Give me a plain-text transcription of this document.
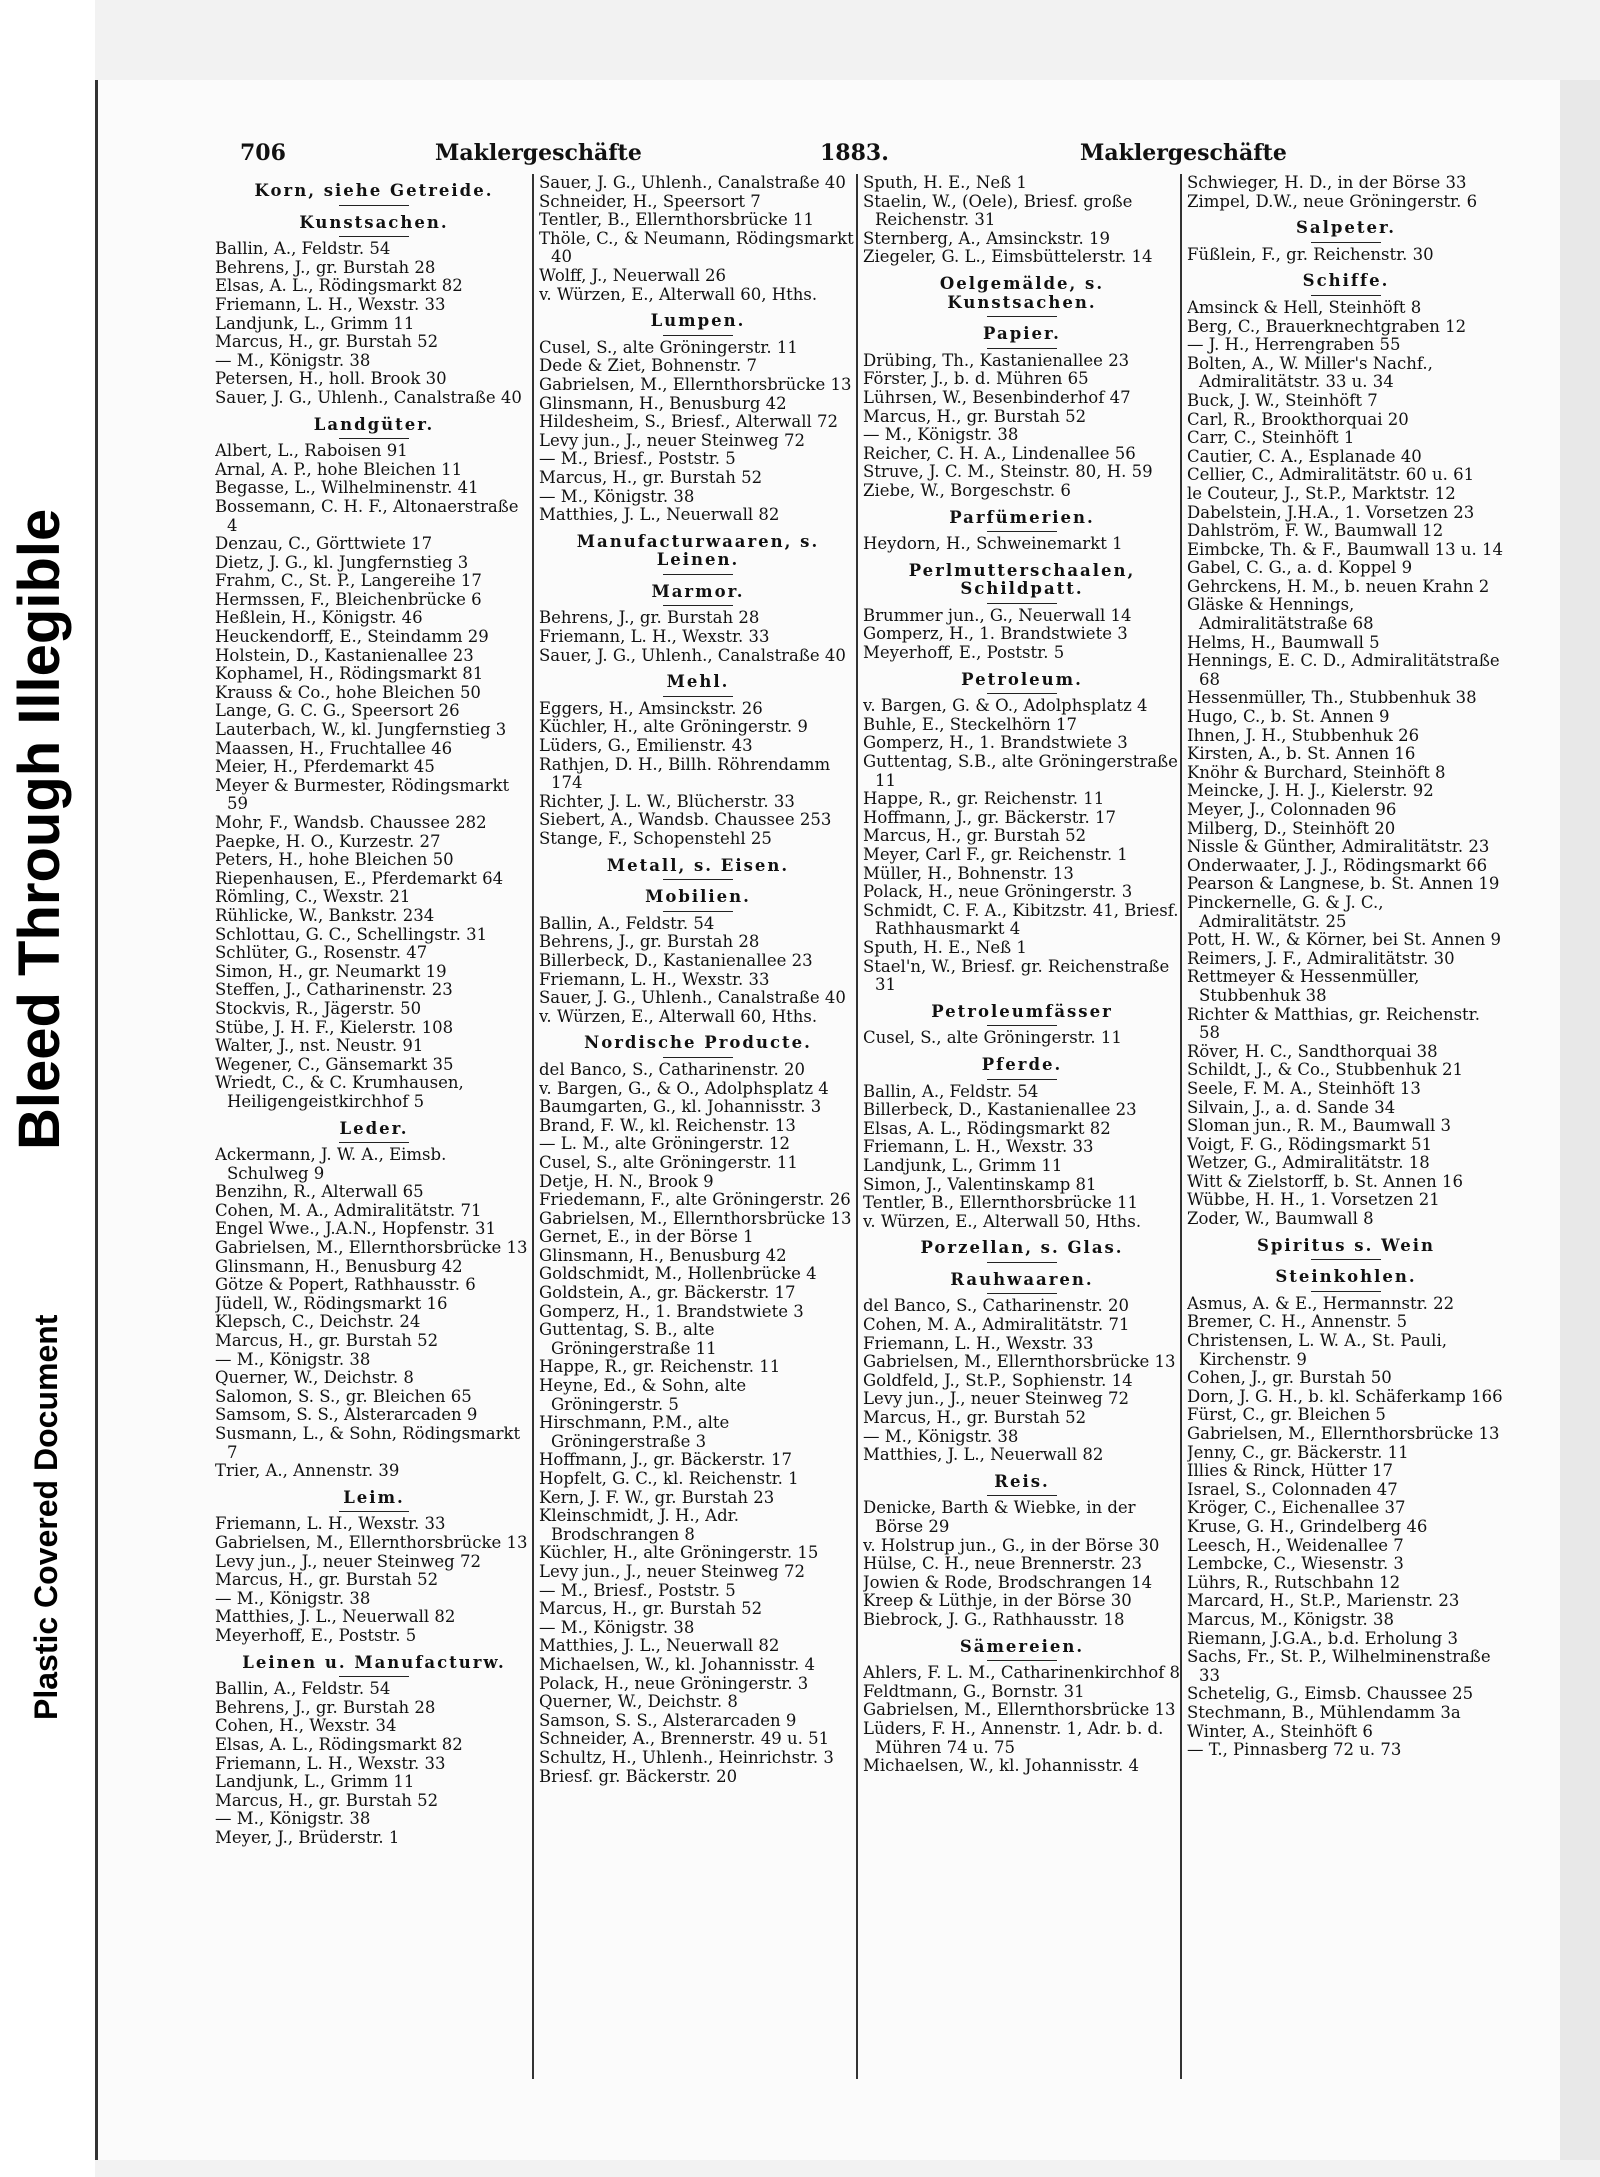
Bleed Through Illegible
Plastic Covered Document
706	Maklergeschäfte	1883.	Maklergeschäfte
Korn, siehe Getreide.
Kunstsachen.
Ballin, A., Feldstr. 54
Behrens, J., gr. Burstah 28
Elsas, A. L., Rödingsmarkt 82
Friemann, L. H., Wexstr. 33
Landjunk, L., Grimm 11
Marcus, H., gr. Burstah 52
— M., Königstr. 38
Petersen, H., holl. Brook 30
Sauer, J. G., Uhlenh., Canalstraße 40
Landgüter.
Albert, L., Raboisen 91
Arnal, A. P., hohe Bleichen 11
Begasse, L., Wilhelminenstr. 41
Bossemann, C. H. F., Altonaerstraße 4
Denzau, C., Görttwiete 17
Dietz, J. G., kl. Jungfernstieg 3
Frahm, C., St. P., Langereihe 17
Hermssen, F., Bleichenbrücke 6
Heßlein, H., Königstr. 46
Heuckendorff, E., Steindamm 29
Holstein, D., Kastanienallee 23
Kophamel, H., Rödingsmarkt 81
Krauss & Co., hohe Bleichen 50
Lange, G. C. G., Speersort 26
Lauterbach, W., kl. Jungfernstieg 3
Maassen, H., Fruchtallee 46
Meier, H., Pferdemarkt 45
Meyer & Burmester, Rödingsmarkt 59
Mohr, F., Wandsb. Chaussee 282
Paepke, H. O., Kurzestr. 27
Peters, H., hohe Bleichen 50
Riepenhausen, E., Pferdemarkt 64
Römling, C., Wexstr. 21
Rühlicke, W., Bankstr. 234
Schlottau, G. C., Schellingstr. 31
Schlüter, G., Rosenstr. 47
Simon, H., gr. Neumarkt 19
Steffen, J., Catharinenstr. 23
Stockvis, R., Jägerstr. 50
Stübe, J. H. F., Kielerstr. 108
Walter, J., nst. Neustr. 91
Wegener, C., Gänsemarkt 35
Wriedt, C., & C. Krumhausen, Heiligengeistkirchhof 5
Leder.
Ackermann, J. W. A., Eimsb. Schulweg 9
Benzihn, R., Alterwall 65
Cohen, M. A., Admiralitätstr. 71
Engel Wwe., J.A.N., Hopfenstr. 31
Gabrielsen, M., Ellernthorsbrücke 13
Glinsmann, H., Benusburg 42
Götze & Popert, Rathhausstr. 6
Jüdell, W., Rödingsmarkt 16
Klepsch, C., Deichstr. 24
Marcus, H., gr. Burstah 52
— M., Königstr. 38
Querner, W., Deichstr. 8
Salomon, S. S., gr. Bleichen 65
Samsom, S. S., Alsterarcaden 9
Susmann, L., & Sohn, Rödingsmarkt 7
Trier, A., Annenstr. 39
Leim.
Friemann, L. H., Wexstr. 33
Gabrielsen, M., Ellernthorsbrücke 13
Levy jun., J., neuer Steinweg 72
Marcus, H., gr. Burstah 52
— M., Königstr. 38
Matthies, J. L., Neuerwall 82
Meyerhoff, E., Poststr. 5
Leinen u. Manufacturw.
Ballin, A., Feldstr. 54
Behrens, J., gr. Burstah 28
Cohen, H., Wexstr. 34
Elsas, A. L., Rödingsmarkt 82
Friemann, L. H., Wexstr. 33
Landjunk, L., Grimm 11
Marcus, H., gr. Burstah 52
— M., Königstr. 38
Meyer, J., Brüderstr. 1
Sauer, J. G., Uhlenh., Canalstraße 40
Schneider, H., Speersort 7
Tentler, B., Ellernthorsbrücke 11
Thöle, C., & Neumann, Rödingsmarkt 40
Wolff, J., Neuerwall 26
v. Würzen, E., Alterwall 60, Hths.
Lumpen.
Cusel, S., alte Gröningerstr. 11
Dede & Ziet, Bohnenstr. 7
Gabrielsen, M., Ellernthorsbrücke 13
Glinsmann, H., Benusburg 42
Hildesheim, S., Briesf., Alterwall 72
Levy jun., J., neuer Steinweg 72
— M., Briesf., Poststr. 5
Marcus, H., gr. Burstah 52
— M., Königstr. 38
Matthies, J. L., Neuerwall 82
Manufacturwaaren, s. Leinen.
Marmor.
Behrens, J., gr. Burstah 28
Friemann, L. H., Wexstr. 33
Sauer, J. G., Uhlenh., Canalstraße 40
Mehl.
Eggers, H., Amsinckstr. 26
Küchler, H., alte Gröningerstr. 9
Lüders, G., Emilienstr. 43
Rathjen, D. H., Billh. Röhrendamm 174
Richter, J. L. W., Blücherstr. 33
Siebert, A., Wandsb. Chaussee 253
Stange, F., Schopenstehl 25
Metall, s. Eisen.
Mobilien.
Ballin, A., Feldstr. 54
Behrens, J., gr. Burstah 28
Billerbeck, D., Kastanienallee 23
Friemann, L. H., Wexstr. 33
Sauer, J. G., Uhlenh., Canalstraße 40
v. Würzen, E., Alterwall 60, Hths.
Nordische Producte.
del Banco, S., Catharinenstr. 20
v. Bargen, G., & O., Adolphsplatz 4
Baumgarten, G., kl. Johannisstr. 3
Brand, F. W., kl. Reichenstr. 13
— L. M., alte Gröningerstr. 12
Cusel, S., alte Gröningerstr. 11
Detje, H. N., Brook 9
Friedemann, F., alte Gröningerstr. 26
Gabrielsen, M., Ellernthorsbrücke 13
Gernet, E., in der Börse 1
Glinsmann, H., Benusburg 42
Goldschmidt, M., Hollenbrücke 4
Goldstein, A., gr. Bäckerstr. 17
Gomperz, H., 1. Brandstwiete 3
Guttentag, S. B., alte Gröningerstraße 11
Happe, R., gr. Reichenstr. 11
Heyne, Ed., & Sohn, alte Gröningerstr. 5
Hirschmann, P.M., alte Gröningerstraße 3
Hoffmann, J., gr. Bäckerstr. 17
Hopfelt, G. C., kl. Reichenstr. 1
Kern, J. F. W., gr. Burstah 23
Kleinschmidt, J. H., Adr. Brodschrangen 8
Küchler, H., alte Gröningerstr. 15
Levy jun., J., neuer Steinweg 72
— M., Briesf., Poststr. 5
Marcus, H., gr. Burstah 52
— M., Königstr. 38
Matthies, J. L., Neuerwall 82
Michaelsen, W., kl. Johannisstr. 4
Polack, H., neue Gröningerstr. 3
Querner, W., Deichstr. 8
Samson, S. S., Alsterarcaden 9
Schneider, A., Brennerstr. 49 u. 51
Schultz, H., Uhlenh., Heinrichstr. 3
Briesf. gr. Bäckerstr. 20
Sputh, H. E., Neß 1
Staelin, W., (Oele), Briesf. große Reichenstr. 31
Sternberg, A., Amsinckstr. 19
Ziegeler, G. L., Eimsbüttelerstr. 14
Oelgemälde, s. Kunstsachen.
Papier.
Drübing, Th., Kastanienallee 23
Förster, J., b. d. Mühren 65
Lührsen, W., Besenbinderhof 47
Marcus, H., gr. Burstah 52
— M., Königstr. 38
Reicher, C. H. A., Lindenallee 56
Struve, J. C. M., Steinstr. 80, H. 59
Ziebe, W., Borgeschstr. 6
Parfümerien.
Heydorn, H., Schweinemarkt 1
Perlmutterschaalen, Schildpatt.
Brummer jun., G., Neuerwall 14
Gomperz, H., 1. Brandstwiete 3
Meyerhoff, E., Poststr. 5
Petroleum.
v. Bargen, G. & O., Adolphsplatz 4
Buhle, E., Steckelhörn 17
Gomperz, H., 1. Brandstwiete 3
Guttentag, S.B., alte Gröningerstraße 11
Happe, R., gr. Reichenstr. 11
Hoffmann, J., gr. Bäckerstr. 17
Marcus, H., gr. Burstah 52
Meyer, Carl F., gr. Reichenstr. 1
Müller, H., Bohnenstr. 13
Polack, H., neue Gröningerstr. 3
Schmidt, C. F. A., Kibitzstr. 41, Briesf. Rathhausmarkt 4
Sputh, H. E., Neß 1
Stael'n, W., Briesf. gr. Reichenstraße 31
Petroleumfässer
Cusel, S., alte Gröningerstr. 11
Pferde.
Ballin, A., Feldstr. 54
Billerbeck, D., Kastanienallee 23
Elsas, A. L., Rödingsmarkt 82
Friemann, L. H., Wexstr. 33
Landjunk, L., Grimm 11
Simon, J., Valentinskamp 81
Tentler, B., Ellernthorsbrücke 11
v. Würzen, E., Alterwall 50, Hths.
Porzellan, s. Glas.
Rauhwaaren.
del Banco, S., Catharinenstr. 20
Cohen, M. A., Admiralitätstr. 71
Friemann, L. H., Wexstr. 33
Gabrielsen, M., Ellernthorsbrücke 13
Goldfeld, J., St.P., Sophienstr. 14
Levy jun., J., neuer Steinweg 72
Marcus, H., gr. Burstah 52
— M., Königstr. 38
Matthies, J. L., Neuerwall 82
Reis.
Denicke, Barth & Wiebke, in der Börse 29
v. Holstrup jun., G., in der Börse 30
Hülse, C. H., neue Brennerstr. 23
Jowien & Rode, Brodschrangen 14
Kreep & Lüthje, in der Börse 30
Biebrock, J. G., Rathhausstr. 18
Sämereien.
Ahlers, F. L. M., Catharinenkirchhof 8
Feldtmann, G., Bornstr. 31
Gabrielsen, M., Ellernthorsbrücke 13
Lüders, F. H., Annenstr. 1, Adr. b. d. Mühren 74 u. 75
Michaelsen, W., kl. Johannisstr. 4
Schwieger, H. D., in der Börse 33
Zimpel, D.W., neue Gröningerstr. 6
Salpeter.
Füßlein, F., gr. Reichenstr. 30
Schiffe.
Amsinck & Hell, Steinhöft 8
Berg, C., Brauerknechtgraben 12
— J. H., Herrengraben 55
Bolten, A., W. Miller's Nachf., Admiralitätstr. 33 u. 34
Buck, J. W., Steinhöft 7
Carl, R., Brookthorquai 20
Carr, C., Steinhöft 1
Cautier, C. A., Esplanade 40
Cellier, C., Admiralitätstr. 60 u. 61
le Couteur, J., St.P., Marktstr. 12
Dabelstein, J.H.A., 1. Vorsetzen 23
Dahlström, F. W., Baumwall 12
Eimbcke, Th. & F., Baumwall 13 u. 14
Gabel, C. G., a. d. Koppel 9
Gehrckens, H. M., b. neuen Krahn 2
Gläske & Hennings, Admiralitätstraße 68
Helms, H., Baumwall 5
Hennings, E. C. D., Admiralitätstraße 68
Hessenmüller, Th., Stubbenhuk 38
Hugo, C., b. St. Annen 9
Ihnen, J. H., Stubbenhuk 26
Kirsten, A., b. St. Annen 16
Knöhr & Burchard, Steinhöft 8
Meincke, J. H. J., Kielerstr. 92
Meyer, J., Colonnaden 96
Milberg, D., Steinhöft 20
Nissle & Günther, Admiralitätstr. 23
Onderwaater, J. J., Rödingsmarkt 66
Pearson & Langnese, b. St. Annen 19
Pinckernelle, G. & J. C., Admiralitätstr. 25
Pott, H. W., & Körner, bei St. Annen 9
Reimers, J. F., Admiralitätstr. 30
Rettmeyer & Hessenmüller, Stubbenhuk 38
Richter & Matthias, gr. Reichenstr. 58
Röver, H. C., Sandthorquai 38
Schildt, J., & Co., Stubbenhuk 21
Seele, F. M. A., Steinhöft 13
Silvain, J., a. d. Sande 34
Sloman jun., R. M., Baumwall 3
Voigt, F. G., Rödingsmarkt 51
Wetzer, G., Admiralitätstr. 18
Witt & Zielstorff, b. St. Annen 16
Wübbe, H. H., 1. Vorsetzen 21
Zoder, W., Baumwall 8
Spiritus s. Wein
Steinkohlen.
Asmus, A. & E., Hermannstr. 22
Bremer, C. H., Annenstr. 5
Christensen, L. W. A., St. Pauli, Kirchenstr. 9
Cohen, J., gr. Burstah 50
Dorn, J. G. H., b. kl. Schäferkamp 166
Fürst, C., gr. Bleichen 5
Gabrielsen, M., Ellernthorsbrücke 13
Jenny, C., gr. Bäckerstr. 11
Illies & Rinck, Hütter 17
Israel, S., Colonnaden 47
Kröger, C., Eichenallee 37
Kruse, G. H., Grindelberg 46
Leesch, H., Weidenallee 7
Lembcke, C., Wiesenstr. 3
Lührs, R., Rutschbahn 12
Marcard, H., St.P., Marienstr. 23
Marcus, M., Königstr. 38
Riemann, J.G.A., b.d. Erholung 3
Sachs, Fr., St. P., Wilhelminenstraße 33
Schetelig, G., Eimsb. Chaussee 25
Stechmann, B., Mühlendamm 3a
Winter, A., Steinhöft 6
— T., Pinnasberg 72 u. 73
